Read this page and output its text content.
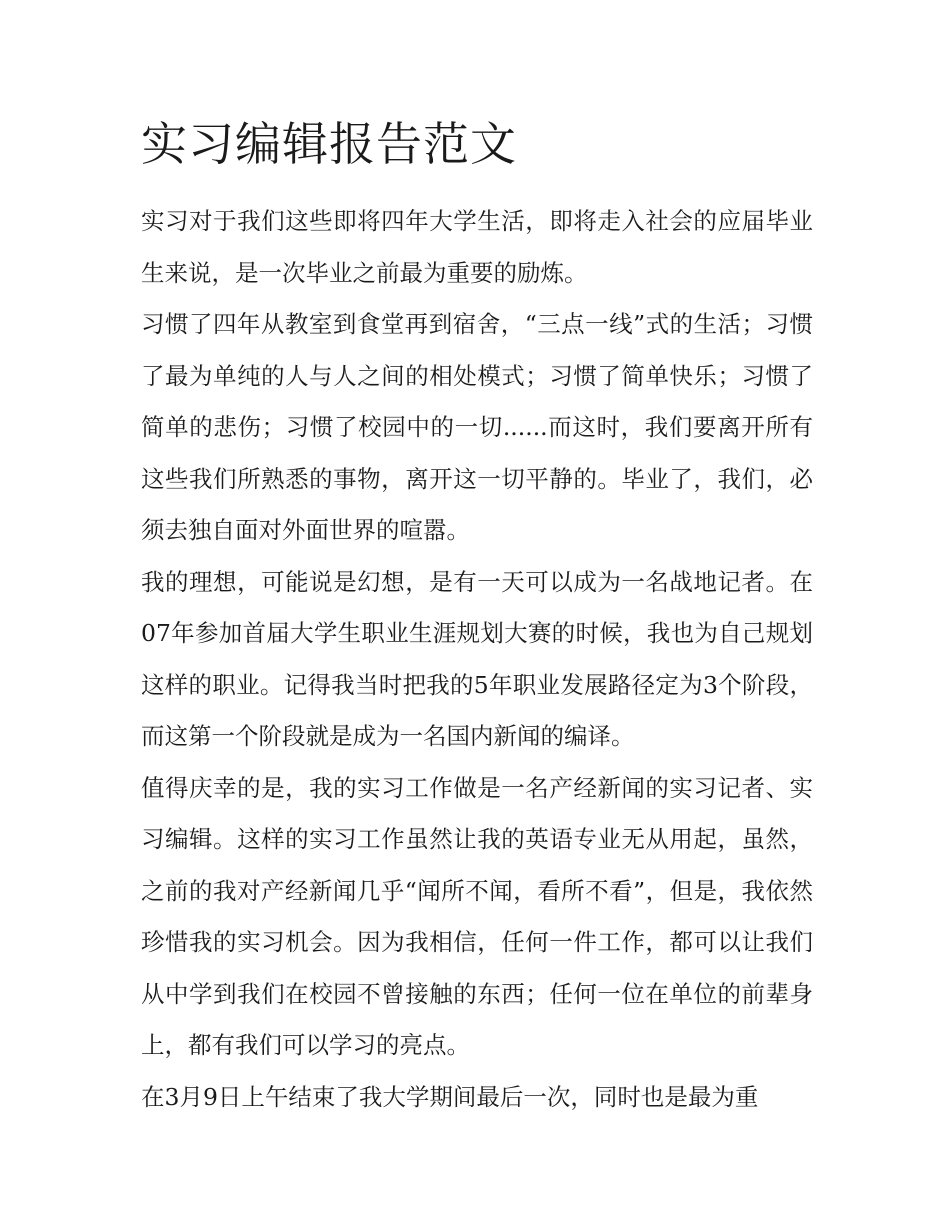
实习编辑报告范文

实习对于我们这些即将四年大学生活，即将走入社会的应届毕业生来说，是一次毕业之前最为重要的励炼。

习惯了四年从教室到食堂再到宿舍，“三点一线”式的生活；习惯了最为单纯的人与人之间的相处模式；习惯了简单快乐；习惯了简单的悲伤；习惯了校园中的一切......而这时，我们要离开所有这些我们所熟悉的事物，离开这一切平静的。毕业了，我们，必须去独自面对外面世界的喧嚣。

我的理想，可能说是幻想，是有一天可以成为一名战地记者。在07年参加首届大学生职业生涯规划大赛的时候，我也为自己规划这样的职业。记得我当时把我的5年职业发展路径定为3个阶段，而这第一个阶段就是成为一名国内新闻的编译。

值得庆幸的是，我的实习工作做是一名产经新闻的实习记者、实习编辑。这样的实习工作虽然让我的英语专业无从用起，虽然，之前的我对产经新闻几乎“闻所不闻，看所不看”，但是，我依然珍惜我的实习机会。因为我相信，任何一件工作，都可以让我们从中学到我们在校园不曾接触的东西；任何一位在单位的前辈身上，都有我们可以学习的亮点。

在3月9日上午结束了我大学期间最后一次，同时也是最为重
